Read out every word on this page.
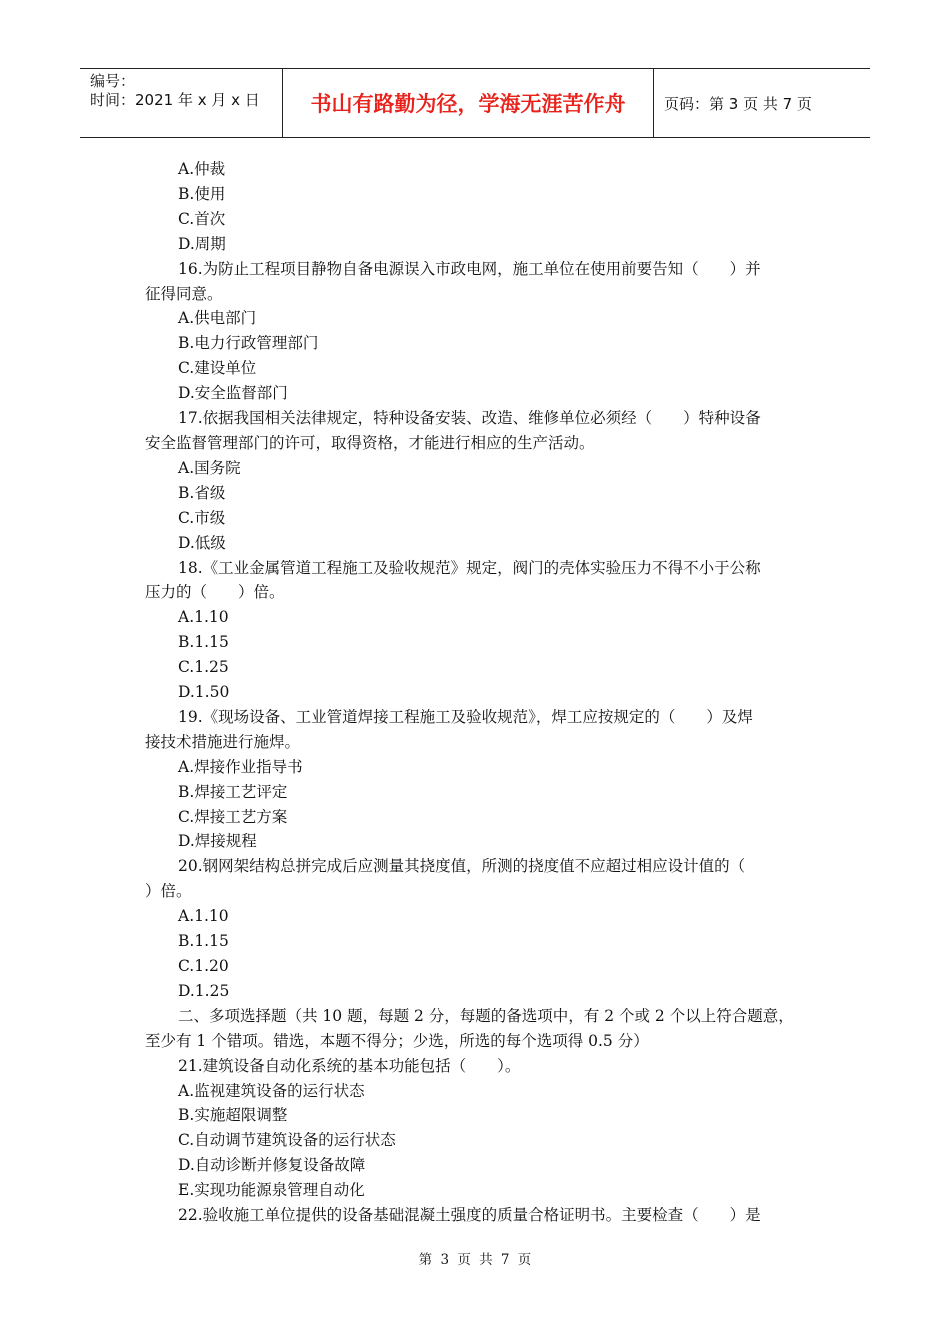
编号：
时间：2021 年 x 月 x 日	书山有路勤为径，学海无涯苦作舟	页码：第 3 页 共 7 页
A.仲裁
B.使用
C.首次
D.周期
16.为防止工程项目静物自备电源误入市政电网，施工单位在使用前要告知（　　）并
征得同意。
A.供电部门
B.电力行政管理部门
C.建设单位
D.安全监督部门
17.依据我国相关法律规定，特种设备安装、改造、维修单位必须经（　　）特种设备
安全监督管理部门的许可，取得资格，才能进行相应的生产活动。
A.国务院
B.省级
C.市级
D.低级
18.《工业金属管道工程施工及验收规范》规定，阀门的壳体实验压力不得不小于公称
压力的（　　）倍。
A.1.10
B.1.15
C.1.25
D.1.50
19.《现场设备、工业管道焊接工程施工及验收规范》，焊工应按规定的（　　）及焊
接技术措施进行施焊。
A.焊接作业指导书
B.焊接工艺评定
C.焊接工艺方案
D.焊接规程
20.钢网架结构总拼完成后应测量其挠度值，所测的挠度值不应超过相应设计值的（
）倍。
A.1.10
B.1.15
C.1.20
D.1.25
二、多项选择题（共 10 题，每题 2 分，每题的备选项中，有 2 个或 2 个以上符合题意，
至少有 1 个错项。错选，本题不得分；少选，所选的每个选项得 0.5 分）
21.建筑设备自动化系统的基本功能包括（　　）。
A.监视建筑设备的运行状态
B.实施超限调整
C.自动调节建筑设备的运行状态
D.自动诊断并修复设备故障
E.实现功能源泉管理自动化
22.验收施工单位提供的设备基础混凝土强度的质量合格证明书。主要检查（　　）是
第 3 页 共 7 页
